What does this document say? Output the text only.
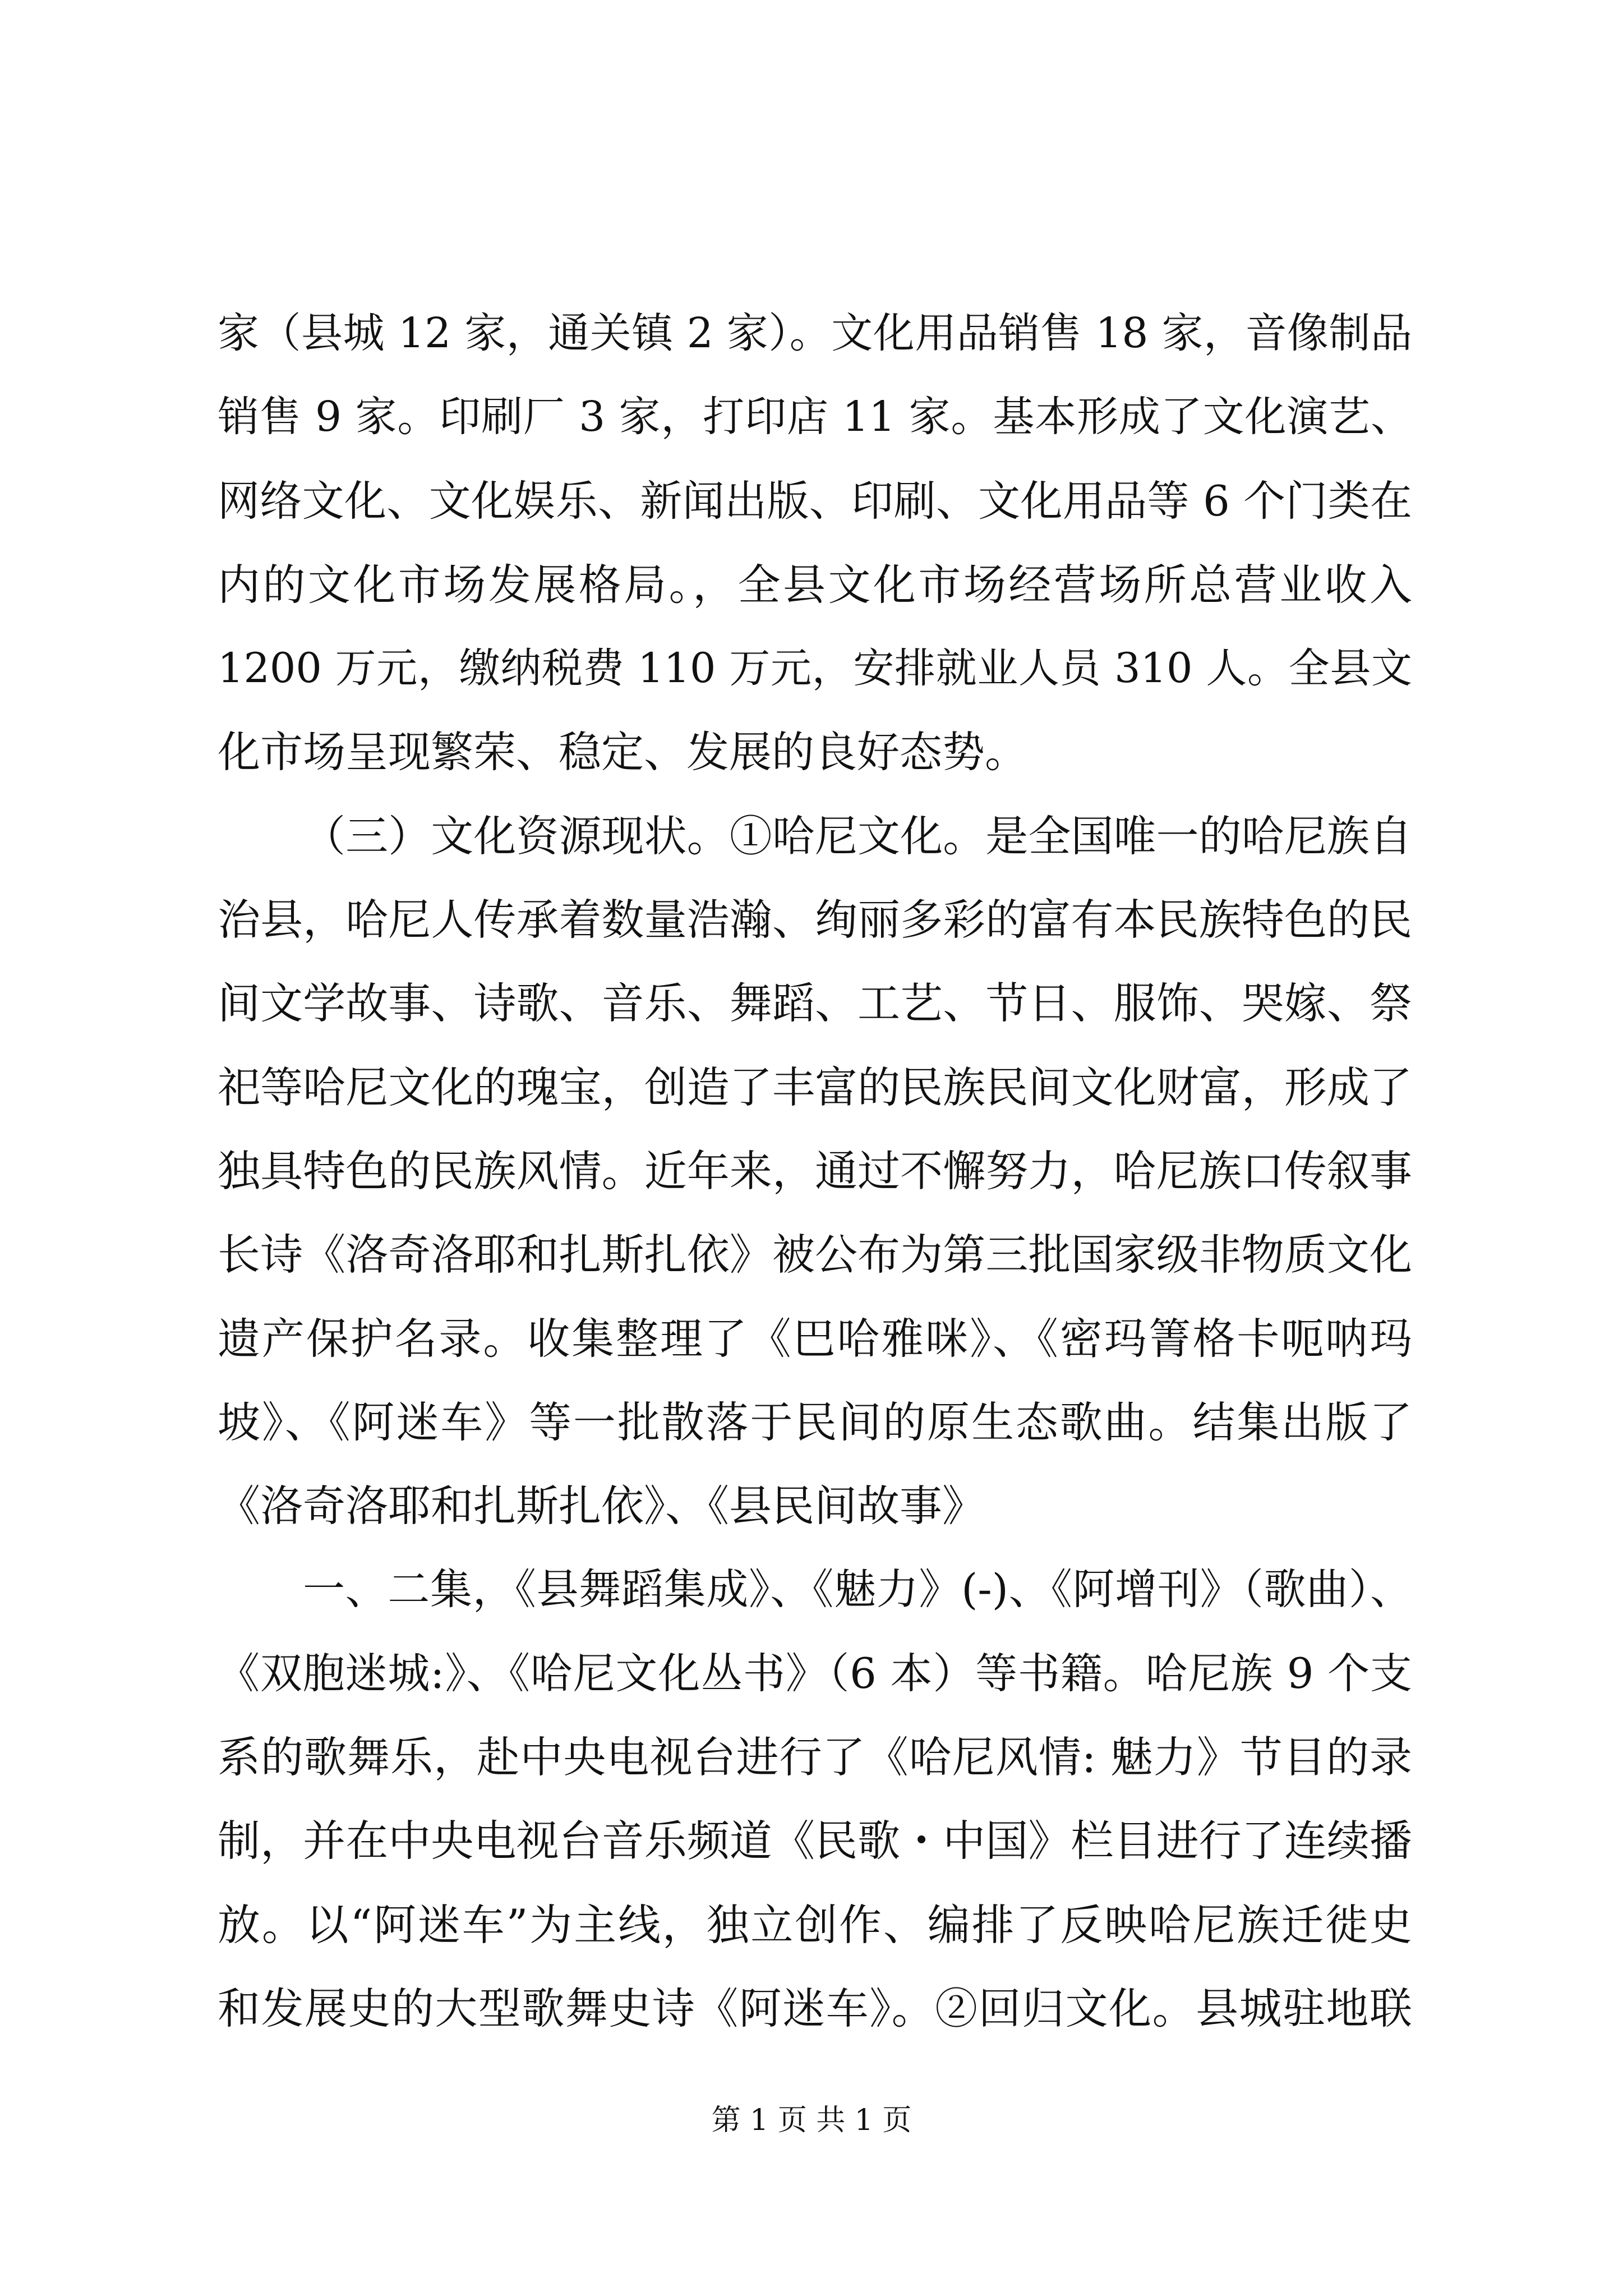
家（县城 12 家，通关镇 2 家）。文化用品销售 18 家，音像制品
销售 9 家。印刷厂 3 家，打印店 11 家。基本形成了文化演艺、
网络文化、文化娱乐、新闻出版、印刷、文化用品等 6 个门类在
内的文化市场发展格局。，全县文化市场经营场所总营业收入
1200 万元，缴纳税费 110 万元，安排就业人员 310 人。全县文
化市场呈现繁荣、稳定、发展的良好态势。
（三）文化资源现状。①哈尼文化。是全国唯一的哈尼族自
治县，哈尼人传承着数量浩瀚、绚丽多彩的富有本民族特色的民
间文学故事、诗歌、音乐、舞蹈、工艺、节日、服饰、哭嫁、祭
祀等哈尼文化的瑰宝，创造了丰富的民族民间文化财富，形成了
独具特色的民族风情。近年来，通过不懈努力，哈尼族口传叙事
长诗《洛奇洛耶和扎斯扎依》被公布为第三批国家级非物质文化
遗产保护名录。收集整理了《巴哈雅咪》、《密玛箐格卡呃呐玛
坡》、《阿迷车》等一批散落于民间的原生态歌曲。结集出版了
《洛奇洛耶和扎斯扎依》、《县民间故事》
一、二集，《县舞蹈集成》、《魅力》(-)、《阿增刊》（歌曲）、
《双胞迷城:》、《哈尼文化丛书》（6 本）等书籍。哈尼族 9 个支
系的歌舞乐，赴中央电视台进行了《哈尼风情: 魅力》节目的录
制，并在中央电视台音乐频道《民歌・中国》栏目进行了连续播
放。以“阿迷车”为主线，独立创作、编排了反映哈尼族迁徙史
和发展史的大型歌舞史诗《阿迷车》。②回归文化。县城驻地联
第 1 页 共 1 页
